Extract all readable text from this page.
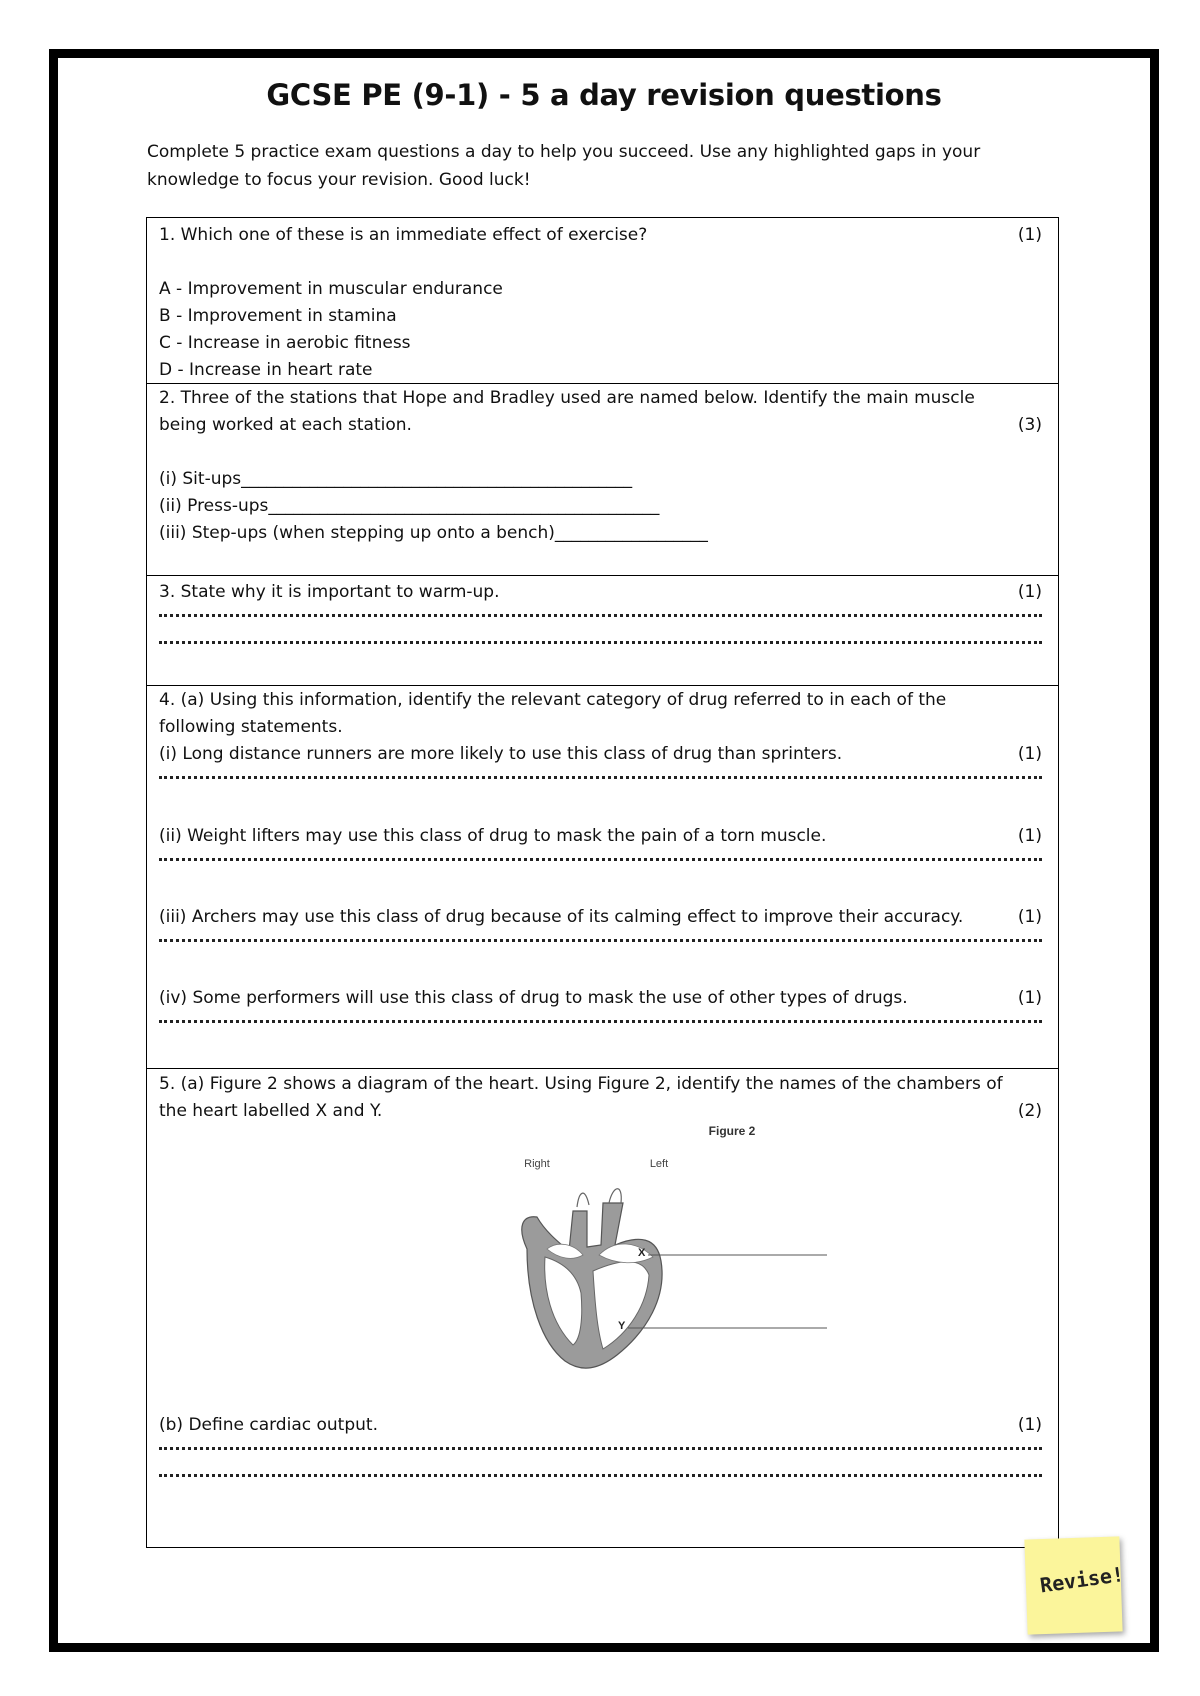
GCSE PE (9-1) - 5 a day revision questions
Complete 5 practice exam questions a day to help you succeed. Use any highlighted gaps in your
knowledge to focus your revision. Good luck!
1. Which one of these is an immediate effect of exercise?	(1)
A - Improvement in muscular endurance
B - Improvement in stamina
C - Increase in aerobic fitness
D - Increase in heart rate
2. Three of the stations that Hope and Bradley used are named below. Identify the main muscle
being worked at each station.	(3)
(i) Sit-ups______________________________________________
(ii) Press-ups______________________________________________
(iii) Step-ups (when stepping up onto a bench)__________________
3. State why it is important to warm-up.	(1)
4. (a) Using this information, identify the relevant category of drug referred to in each of the
following statements.
(i) Long distance runners are more likely to use this class of drug than sprinters.	(1)
(ii) Weight lifters may use this class of drug to mask the pain of a torn muscle.	(1)
(iii) Archers may use this class of drug because of its calming effect to improve their accuracy.	(1)
(iv) Some performers will use this class of drug to mask the use of other types of drugs.	(1)
5. (a) Figure 2 shows a diagram of the heart. Using Figure 2, identify the names of the chambers of
the heart labelled X and Y.	(2)
Figure 2
Right	Left
X
Y
(b) Define cardiac output.	(1)
Revise!
